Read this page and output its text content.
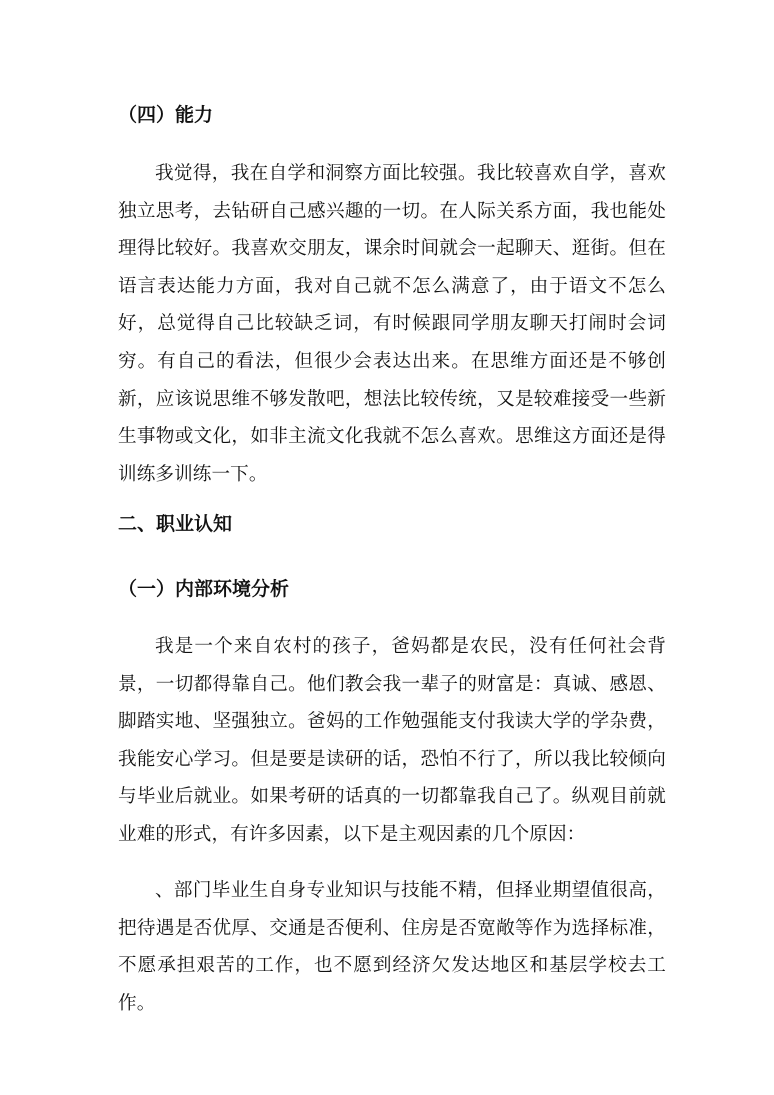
（四）能力

我觉得，我在自学和洞察方面比较强。我比较喜欢自学，喜欢独立思考，去钻研自己感兴趣的一切。在人际关系方面，我也能处理得比较好。我喜欢交朋友，课余时间就会一起聊天、逛街。但在语言表达能力方面，我对自己就不怎么满意了，由于语文不怎么好，总觉得自己比较缺乏词，有时候跟同学朋友聊天打闹时会词穷。有自己的看法，但很少会表达出来。在思维方面还是不够创新，应该说思维不够发散吧，想法比较传统，又是较难接受一些新生事物或文化，如非主流文化我就不怎么喜欢。思维这方面还是得训练多训练一下。

二、职业认知
（一）内部环境分析

我是一个来自农村的孩子，爸妈都是农民，没有任何社会背景，一切都得靠自己。他们教会我一辈子的财富是：真诚、感恩、脚踏实地、坚强独立。爸妈的工作勉强能支付我读大学的学杂费，我能安心学习。但是要是读研的话，恐怕不行了，所以我比较倾向与毕业后就业。如果考研的话真的一切都靠我自己了。纵观目前就业难的形式，有许多因素，以下是主观因素的几个原因：

、部门毕业生自身专业知识与技能不精，但择业期望值很高，把待遇是否优厚、交通是否便利、住房是否宽敞等作为选择标准，不愿承担艰苦的工作，也不愿到经济欠发达地区和基层学校去工作。
